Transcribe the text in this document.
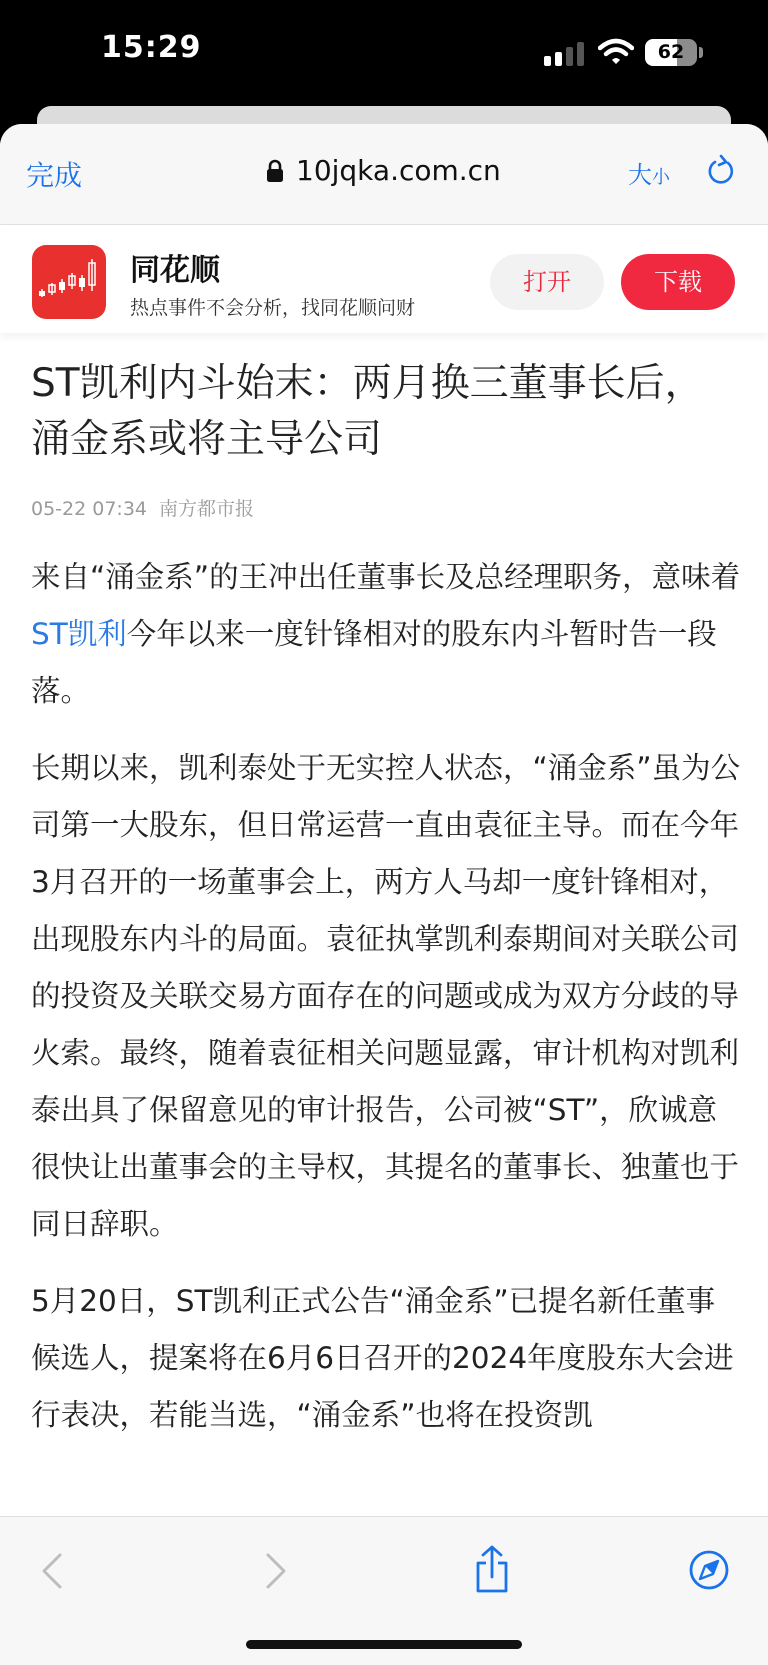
15:29	62
完成	10jqka.com.cn	大小
同花顺
热点事件不会分析，找同花顺问财
打开	下载
ST凯利内斗始末：两月换三董事长后，涌金系或将主导公司
05-22 07:34 南方都市报

来自“涌金系”的王冲出任董事长及总经理职务，意味着ST凯利今年以来一度针锋相对的股东内斗暂时告一段落。

长期以来，凯利泰处于无实控人状态，“涌金系”虽为公司第一大股东，但日常运营一直由袁征主导。而在今年3月召开的一场董事会上，两方人马却一度针锋相对，出现股东内斗的局面。袁征执掌凯利泰期间对关联公司的投资及关联交易方面存在的问题或成为双方分歧的导火索。最终，随着袁征相关问题显露，审计机构对凯利泰出具了保留意见的审计报告，公司被“ST”，欣诚意很快让出董事会的主导权，其提名的董事长、独董也于同日辞职。

5月20日，ST凯利正式公告“涌金系”已提名新任董事候选人，提案将在6月6日召开的2024年度股东大会进行表决，若能当选，“涌金系”也将在投资凯
